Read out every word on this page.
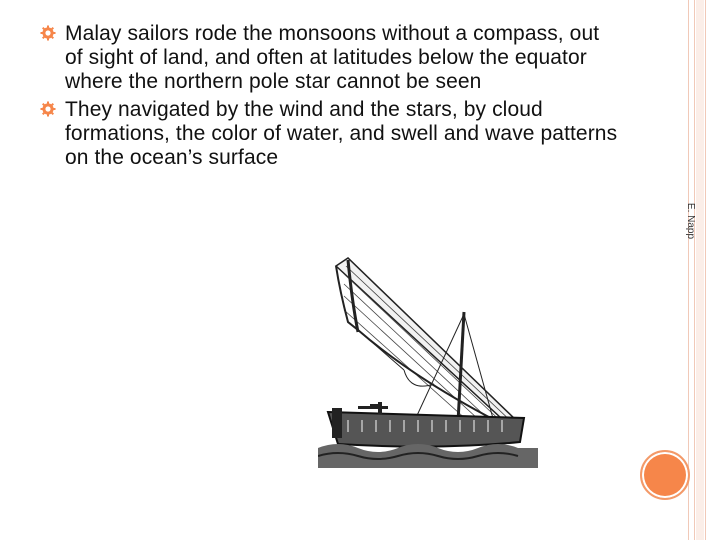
Malay sailors rode the monsoons without a compass, out of sight of land, and often at latitudes below the equator where the northern pole star cannot be seen
They navigated by the wind and the stars, by cloud formations, the color of water, and swell and wave patterns on the ocean’s surface
E. Napp
